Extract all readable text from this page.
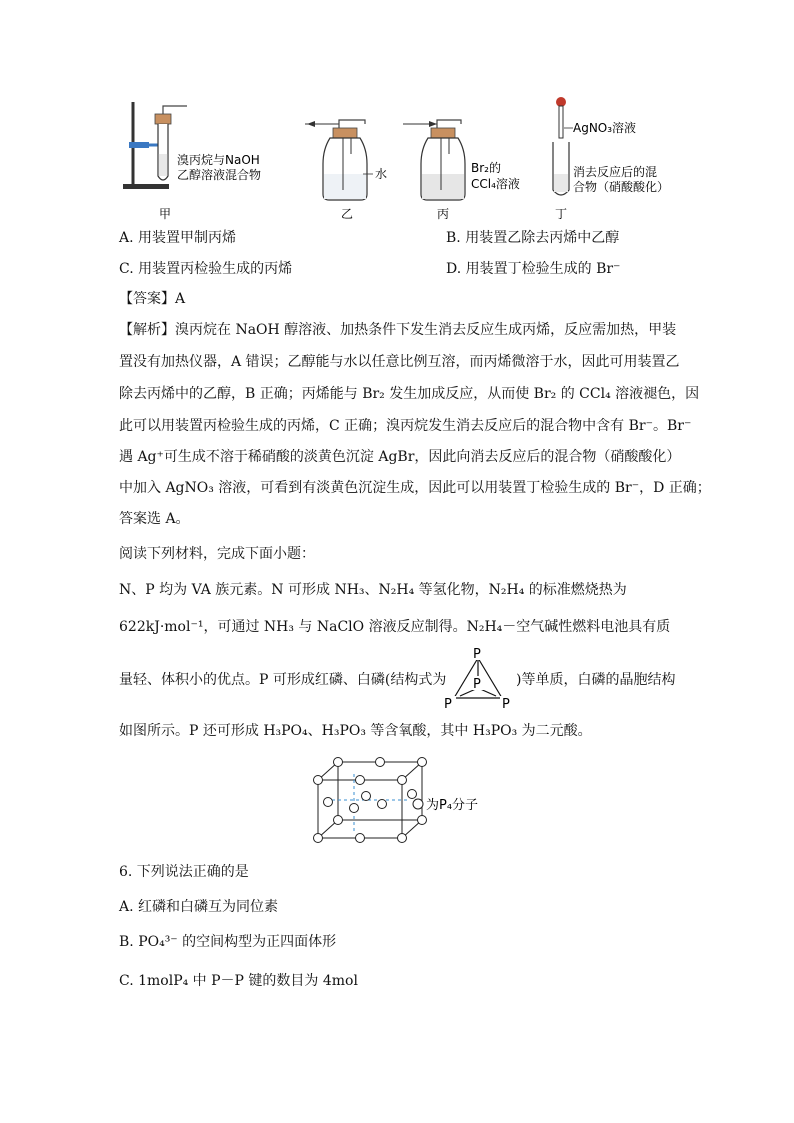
溴丙烷与NaOH
乙醇溶液混合物
甲
水
乙
Br₂的
CCl₄溶液
丙
AgNO₃溶液
消去反应后的混
合物（硝酸酸化）
丁
A. 用装置甲制丙烯	B. 用装置乙除去丙烯中乙醇
C. 用装置丙检验生成的丙烯	D. 用装置丁检验生成的 Br⁻
【答案】A
【解析】溴丙烷在 NaOH 醇溶液、加热条件下发生消去反应生成丙烯，反应需加热，甲装
置没有加热仪器，A 错误；乙醇能与水以任意比例互溶，而丙烯微溶于水，因此可用装置乙
除去丙烯中的乙醇，B 正确；丙烯能与 Br₂ 发生加成反应，从而使 Br₂ 的 CCl₄ 溶液褪色，因
此可以用装置丙检验生成的丙烯，C 正确；溴丙烷发生消去反应后的混合物中含有 Br⁻。Br⁻
遇 Ag⁺可生成不溶于稀硝酸的淡黄色沉淀 AgBr，因此向消去反应后的混合物（硝酸酸化）
中加入 AgNO₃ 溶液，可看到有淡黄色沉淀生成，因此可以用装置丁检验生成的 Br⁻，D 正确；
答案选 A。
阅读下列材料，完成下面小题：
N、P 均为 VA 族元素。N 可形成 NH₃、N₂H₄ 等氢化物，N₂H₄ 的标准燃烧热为
622kJ·mol⁻¹，可通过 NH₃ 与 NaClO 溶液反应制得。N₂H₄－空气碱性燃料电池具有质
量轻、体积小的优点。P 可形成红磷、白磷(结构式为
P
P
P	P
)等单质，白磷的晶胞结构
如图所示。P 还可形成 H₃PO₄、H₃PO₃ 等含氧酸，其中 H₃PO₃ 为二元酸。
为P₄分子
6. 下列说法正确的是
A. 红磷和白磷互为同位素
B. PO₄³⁻ 的空间构型为正四面体形
C. 1molP₄ 中 P－P 键的数目为 4mol
